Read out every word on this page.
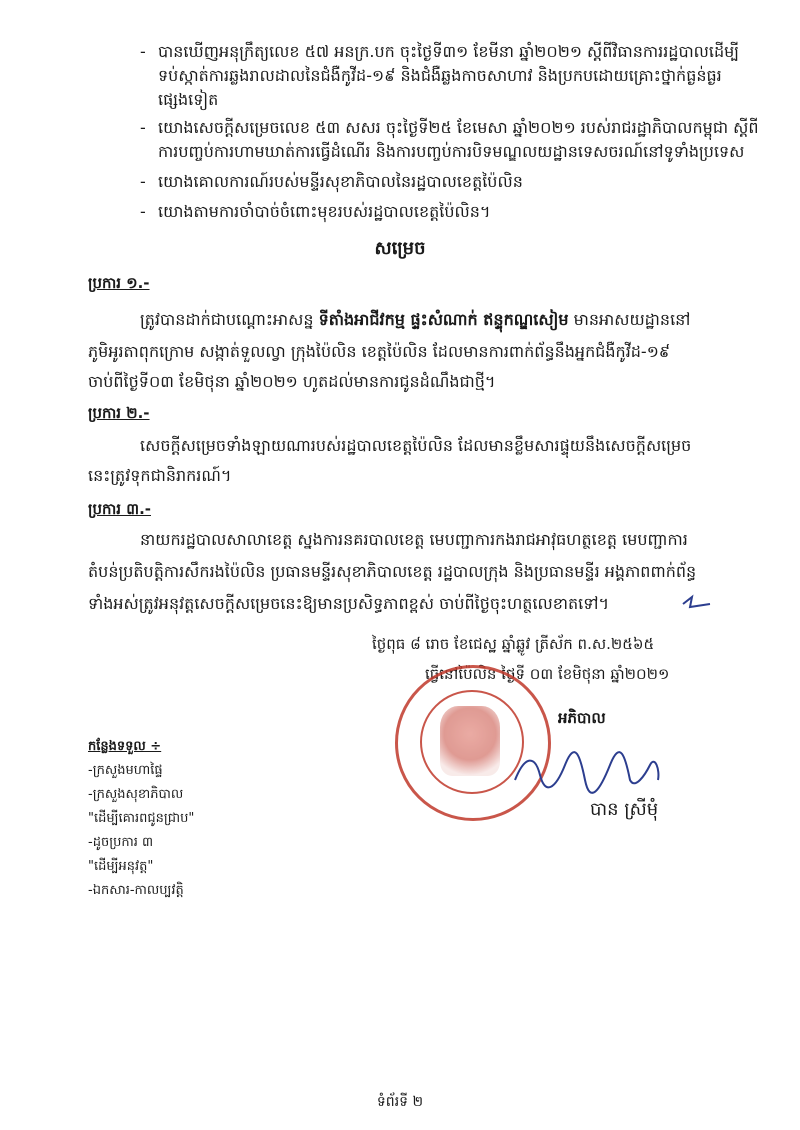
- បានឃើញអនុក្រឹត្យលេខ ៥៧ អនក្រ.បក ចុះថ្ងៃទី៣១ ខែមីនា ឆ្នាំ២០២១ ស្តីពីវិធានការរដ្ឋបាលដើម្បី
ទប់ស្កាត់ការឆ្លងរាលដាលនៃជំងឺកូវីដ-១៩ និងជំងឺឆ្លងកាចសាហាវ និងប្រកបដោយគ្រោះថ្នាក់ធ្ងន់ធ្ងរ
ផ្សេងទៀត
- យោងសេចក្តីសម្រេចលេខ ៥៣ សសរ ចុះថ្ងៃទី២៥ ខែមេសា ឆ្នាំ២០២១ របស់រាជរដ្ឋាភិបាលកម្ពុជា ស្តីពី
ការបញ្ចប់ការហាមឃាត់ការធ្វើដំណើរ និងការបញ្ចប់ការបិទមណ្ឌលយដ្ឋានទេសចរណ៍នៅទូទាំងប្រទេស
- យោងគោលការណ៍របស់មន្ទីរសុខាភិបាលនៃរដ្ឋបាលខេត្តប៉ៃលិន
- យោងតាមការចាំបាច់ចំពោះមុខរបស់រដ្ឋបាលខេត្តប៉ៃលិន។
សម្រេច
ប្រការ ១.-
ត្រូវបានដាក់ជាបណ្តោះអាសន្ន ទីតាំងអាជីវកម្ម ផ្ទះសំណាក់ ឥន្ទុកណ្ឌសៀម មានអាសយដ្ឋាននៅ
ភូមិអូរតាពុកក្រោម សង្កាត់ទួលល្វា ក្រុងប៉ៃលិន ខេត្តប៉ៃលិន ដែលមានការពាក់ព័ន្ធនឹងអ្នកជំងឺកូវីដ-១៩
ចាប់ពីថ្ងៃទី០៣ ខែមិថុនា ឆ្នាំ២០២១ ហូតដល់មានការជូនដំណឹងជាថ្មី។
ប្រការ ២.-
សេចក្តីសម្រេចទាំងឡាយណារបស់រដ្ឋបាលខេត្តប៉ៃលិន ដែលមានខ្លឹមសារផ្ទុយនឹងសេចក្តីសម្រេច
នេះត្រូវទុកជានិរាករណ៍។
ប្រការ ៣.-
នាយករដ្ឋបាលសាលាខេត្ត ស្នងការនគរបាលខេត្ត មេបញ្ជាការកងរាជអាវុធហត្ថខេត្ត មេបញ្ជាការ
តំបន់ប្រតិបត្តិការសឹករងប៉ៃលិន ប្រធានមន្ទីរសុខាភិបាលខេត្ត រដ្ឋបាលក្រុង និងប្រធានមន្ទីរ អង្គភាពពាក់ព័ន្ធ
ទាំងអស់ត្រូវអនុវត្តសេចក្តីសម្រេចនេះឱ្យមានប្រសិទ្ធភាពខ្ពស់ ចាប់ពីថ្ងៃចុះហត្ថលេខាតទៅ។
ថ្ងៃពុធ ៨ រោច ខែជេស្ឋ ឆ្នាំឆ្លូវ ត្រីស័ក ព.ស.២៥៦៥
ធ្វើនៅប៉ៃលិន ថ្ងៃទី ០៣ ខែមិថុនា ឆ្នាំ២០២១
អភិបាល
បាន ស្រីមុំ
កន្លែងទទួល ÷
-ក្រសួងមហាផ្ទៃ
-ក្រសួងសុខាភិបាល
"ដើម្បីគោរពជូនជ្រាប"
-ដូចប្រការ ៣
"ដើម្បីអនុវត្ត"
-ឯកសារ-កាលប្បវត្តិ
ទំព័រទី ២
